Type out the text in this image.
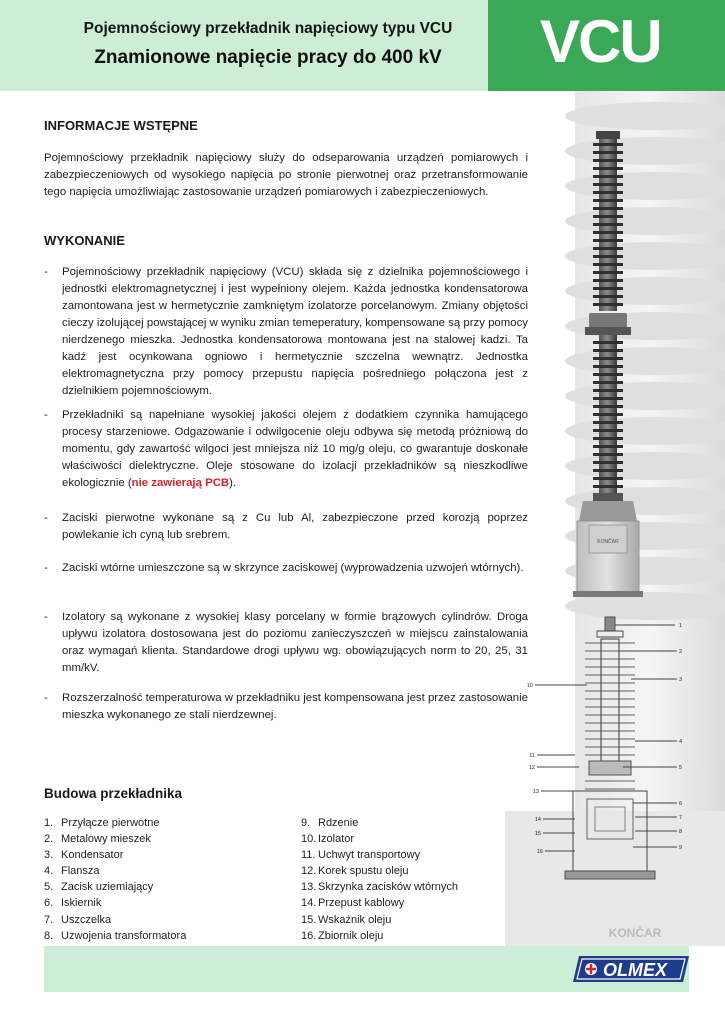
Pojemnościowy przekładnik napięciowy typu VCU
Znamionowe napięcie pracy do 400 kV	VCU
KONČAR
1
2
3
4
5
6
7
8
9
10
11
12
13
14
15
16
KONČAR
INFORMACJE WSTĘPNE
Pojemnościowy przekładnik napięciowy służy do odseparowania urządzeń pomiarowych i zabezpieczeniowych od wysokiego napięcia po stronie pierwotnej oraz przetransformowanie tego napięcia umożliwiając zastosowanie urządzeń pomiarowych i zabezpieczeniowych.
WYKONANIE
- Pojemnościowy przekładnik napięciowy (VCU) składa się z dzielnika pojemnościowego i jednostki elektromagnetycznej i jest wypełniony olejem. Każda jednostka kondensatorowa zamontowana jest w hermetycznie zamkniętym izolatorze porcelanowym. Zmiany objętości cieczy izolującej powstającej w wyniku zmian temeperatury, kompensowane są przy pomocy nierdzenego mieszka. Jednostka kondensatorowa montowana jest na stalowej kadzi. Ta kadź jest ocynkowana ogniowo i hermetycznie szczelna wewnątrz. Jednostka elektromagnetyczna przy pomocy przepustu napięcia pośredniego połączona jest z dzielnikiem pojemnościowym.
- Przekładniki są napełniane wysokiej jakości olejem z dodatkiem czynnika hamującego procesy starzeniowe. Odgazowanie i odwilgocenie oleju odbywa się metodą próżniową do momentu, gdy zawartość wilgoci jest mniejsza niż 10 mg/g oleju, co gwarantuje doskonałe właściwości dielektryczne. Oleje stosowane do izolacji przekładników są nieszkodliwe ekologicznie (nie zawierają PCB).
- Zaciski pierwotne wykonane są z Cu lub Al, zabezpieczone przed korozją poprzez powlekanie ich cyną lub srebrem.
- Zaciski wtórne umieszczone są w skrzynce zaciskowej (wyprowadzenia uzwojeń wtórnych).
- Izolatory są wykonane z wysokiej klasy porcelany w formie brązowych cylindrów. Droga upływu izolatora dostosowana jest do poziomu zanieczyszczeń w miejscu zainstalowania oraz wymagań klienta. Standardowe drogi upływu wg. obowiązujących norm to 20, 25, 31 mm/kV.
- Rozszerzalność temperaturowa w przekładniku jest kompensowana jest przez zastosowanie mieszka wykonanego ze stali nierdzewnej.
Budowa przekładnika
1. Przyłącze pierwotne
2. Metalowy mieszek
3. Kondensator
4. Flansza
5. Zacisk uziemiający
6. Iskiernik
7. Uszczelka
8. Uzwojenia transformatora
9. Rdzenie
10. Izolator
11. Uchwyt transportowy
12. Korek spustu oleju
13. Skrzynka zacisków wtórnych
14. Przepust kablowy
15. Wskaźnik oleju
16. Zbiornik oleju
OLMEX
